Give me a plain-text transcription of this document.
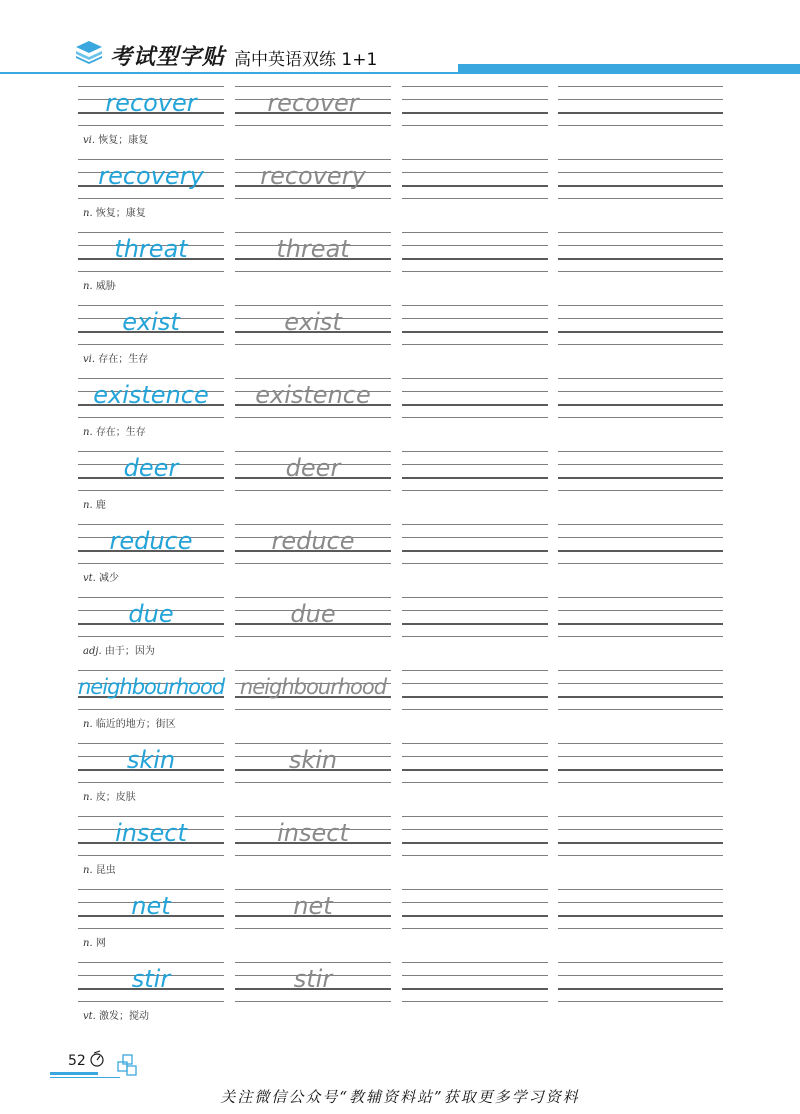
考试型字贴 高中英语双练 1+1
recover	recover
vi. 恢复；康复
recovery	recovery
n. 恢复；康复
threat	threat
n. 威胁
exist	exist
vi. 存在；生存
existence	existence
n. 存在；生存
deer	deer
n. 鹿
reduce	reduce
vt. 减少
due	due
adj. 由于；因为
neighbourhood neighbourhood
n. 临近的地方；街区
skin	skin
n. 皮；皮肤
insect	insect
n. 昆虫
net	net
n. 网
stir	stir
vt. 激发；搅动
52
关注微信公众号“教辅资料站”获取更多学习资料
